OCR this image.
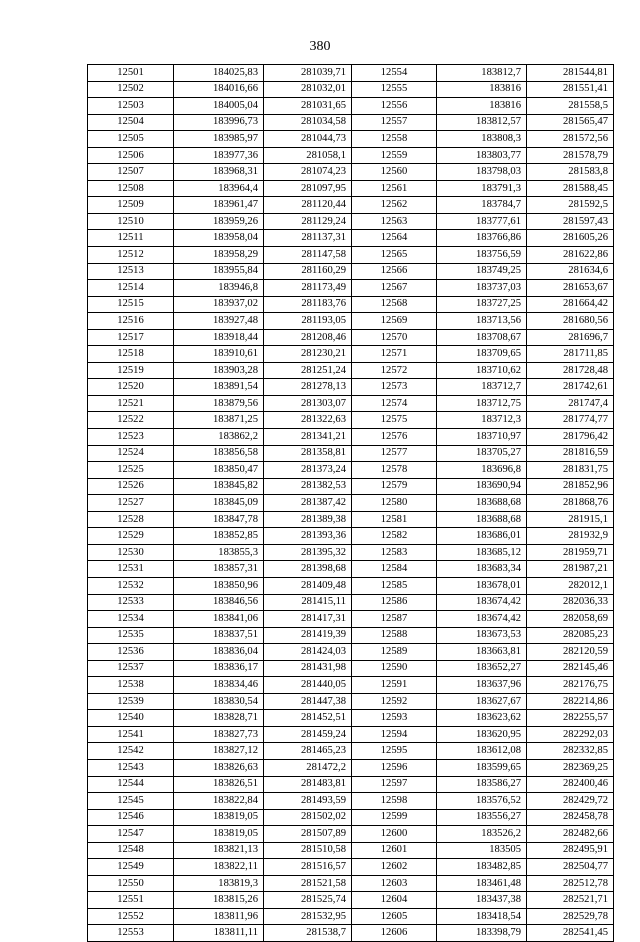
380
12501	184025,83	281039,71	12554	183812,7	281544,81
12502	184016,66	281032,01	12555	183816	281551,41
12503	184005,04	281031,65	12556	183816	281558,5
12504	183996,73	281034,58	12557	183812,57	281565,47
12505	183985,97	281044,73	12558	183808,3	281572,56
12506	183977,36	281058,1	12559	183803,77	281578,79
12507	183968,31	281074,23	12560	183798,03	281583,8
12508	183964,4	281097,95	12561	183791,3	281588,45
12509	183961,47	281120,44	12562	183784,7	281592,5
12510	183959,26	281129,24	12563	183777,61	281597,43
12511	183958,04	281137,31	12564	183766,86	281605,26
12512	183958,29	281147,58	12565	183756,59	281622,86
12513	183955,84	281160,29	12566	183749,25	281634,6
12514	183946,8	281173,49	12567	183737,03	281653,67
12515	183937,02	281183,76	12568	183727,25	281664,42
12516	183927,48	281193,05	12569	183713,56	281680,56
12517	183918,44	281208,46	12570	183708,67	281696,7
12518	183910,61	281230,21	12571	183709,65	281711,85
12519	183903,28	281251,24	12572	183710,62	281728,48
12520	183891,54	281278,13	12573	183712,7	281742,61
12521	183879,56	281303,07	12574	183712,75	281747,4
12522	183871,25	281322,63	12575	183712,3	281774,77
12523	183862,2	281341,21	12576	183710,97	281796,42
12524	183856,58	281358,81	12577	183705,27	281816,59
12525	183850,47	281373,24	12578	183696,8	281831,75
12526	183845,82	281382,53	12579	183690,94	281852,96
12527	183845,09	281387,42	12580	183688,68	281868,76
12528	183847,78	281389,38	12581	183688,68	281915,1
12529	183852,85	281393,36	12582	183686,01	281932,9
12530	183855,3	281395,32	12583	183685,12	281959,71
12531	183857,31	281398,68	12584	183683,34	281987,21
12532	183850,96	281409,48	12585	183678,01	282012,1
12533	183846,56	281415,11	12586	183674,42	282036,33
12534	183841,06	281417,31	12587	183674,42	282058,69
12535	183837,51	281419,39	12588	183673,53	282085,23
12536	183836,04	281424,03	12589	183663,81	282120,59
12537	183836,17	281431,98	12590	183652,27	282145,46
12538	183834,46	281440,05	12591	183637,96	282176,75
12539	183830,54	281447,38	12592	183627,67	282214,86
12540	183828,71	281452,51	12593	183623,62	282255,57
12541	183827,73	281459,24	12594	183620,95	282292,03
12542	183827,12	281465,23	12595	183612,08	282332,85
12543	183826,63	281472,2	12596	183599,65	282369,25
12544	183826,51	281483,81	12597	183586,27	282400,46
12545	183822,84	281493,59	12598	183576,52	282429,72
12546	183819,05	281502,02	12599	183556,27	282458,78
12547	183819,05	281507,89	12600	183526,2	282482,66
12548	183821,13	281510,58	12601	183505	282495,91
12549	183822,11	281516,57	12602	183482,85	282504,77
12550	183819,3	281521,58	12603	183461,48	282512,78
12551	183815,26	281525,74	12604	183437,38	282521,71
12552	183811,96	281532,95	12605	183418,54	282529,78
12553	183811,11	281538,7	12606	183398,79	282541,45
